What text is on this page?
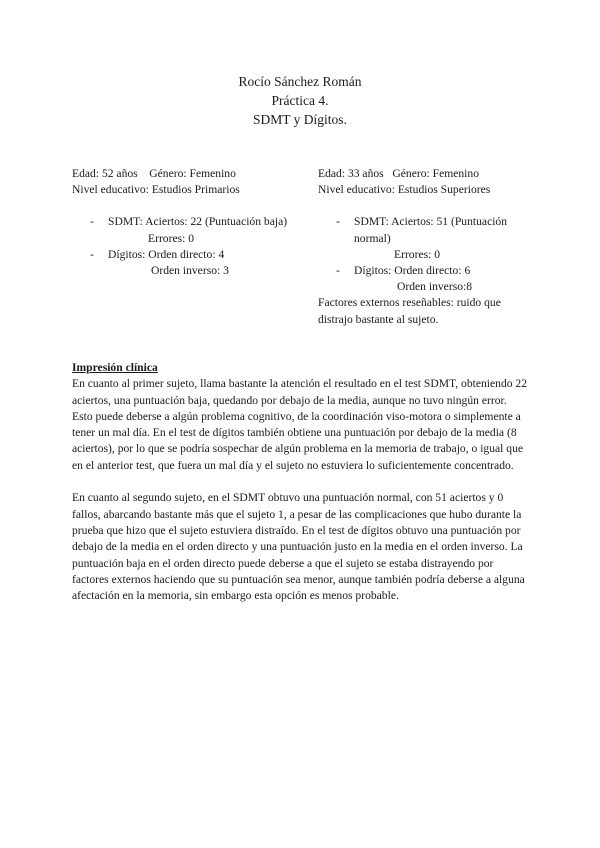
Rocío Sánchez Román
Práctica 4.
SDMT y Dígitos.
Edad: 52 años    Género: Femenino
Nivel educativo: Estudios Primarios
- SDMT: Aciertos: 22 (Puntuación baja)
Errores: 0
- Dígitos: Orden directo: 4
Orden inverso: 3
Edad: 33 años   Género: Femenino
Nivel educativo: Estudios Superiores
- SDMT: Aciertos: 51 (Puntuación normal)
Errores: 0
- Dígitos: Orden directo: 6
Orden inverso:8
Factores externos reseñables: ruido que distrajo bastante al sujeto.
Impresión clínica

En cuanto al primer sujeto, llama bastante la atención el resultado en el test SDMT, obteniendo 22 aciertos, una puntuación baja, quedando por debajo de la media, aunque no tuvo ningún error. Esto puede deberse a algún problema cognitivo, de la coordinación viso-motora o simplemente a tener un mal día. En el test de dígitos también obtiene una puntuación por debajo de la media (8 aciertos), por lo que se podría sospechar de algún problema en la memoria de trabajo, o igual que en el anterior test, que fuera un mal día y el sujeto no estuviera lo suficientemente concentrado.

En cuanto al segundo sujeto, en el SDMT obtuvo una puntuación normal, con 51 aciertos y 0 fallos, abarcando bastante más que el sujeto 1, a pesar de las complicaciones que hubo durante la prueba que hizo que el sujeto estuviera distraído. En el test de dígitos obtuvo una puntuación por debajo de la media en el orden directo y una puntuación justo en la media en el orden inverso. La puntuación baja en el orden directo puede deberse a que el sujeto se estaba distrayendo por factores externos haciendo que su puntuación sea menor, aunque también podría deberse a alguna afectación en la memoria, sin embargo esta opción es menos probable.
